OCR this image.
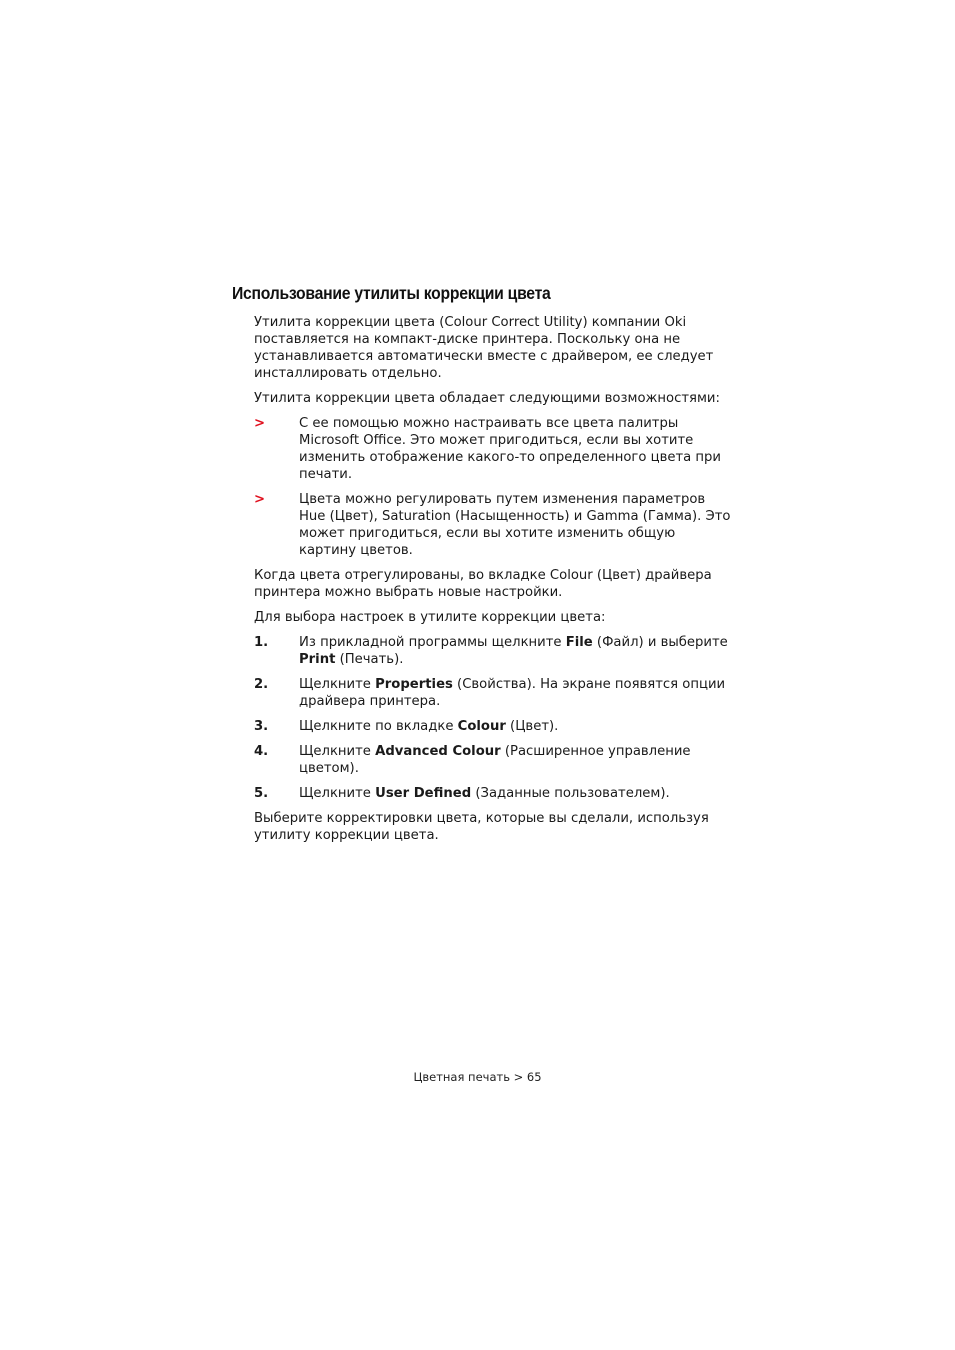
Использование утилиты коррекции цвета

Утилита коррекции цвета (Colour Correct Utility) компании Oki поставляется на компакт-диске принтера. Поскольку она не устанавливается автоматически вместе с драйвером, ее следует инсталлировать отдельно.

Утилита коррекции цвета обладает следующими возможностями:

>	С ее помощью можно настраивать все цвета палитры Microsoft Office. Это может пригодиться, если вы хотите изменить отображение какого-то определенного цвета при печати.
>	Цвета можно регулировать путем изменения параметров Hue (Цвет), Saturation (Насыщенность) и Gamma (Гамма). Это может пригодиться, если вы хотите изменить общую картину цветов.

Когда цвета отрегулированы, во вкладке Colour (Цвет) драйвера принтера можно выбрать новые настройки.

Для выбора настроек в утилите коррекции цвета:

1. Из прикладной программы щелкните File (Файл) и выберите Print (Печать).
2. Щелкните Properties (Свойства). На экране появятся опции драйвера принтера.
3. Щелкните по вкладке Colour (Цвет).
4. Щелкните Advanced Colour (Расширенное управление цветом).
5. Щелкните User Defined (Заданные пользователем).

Выберите корректировки цвета, которые вы сделали, используя утилиту коррекции цвета.

Цветная печать > 65
